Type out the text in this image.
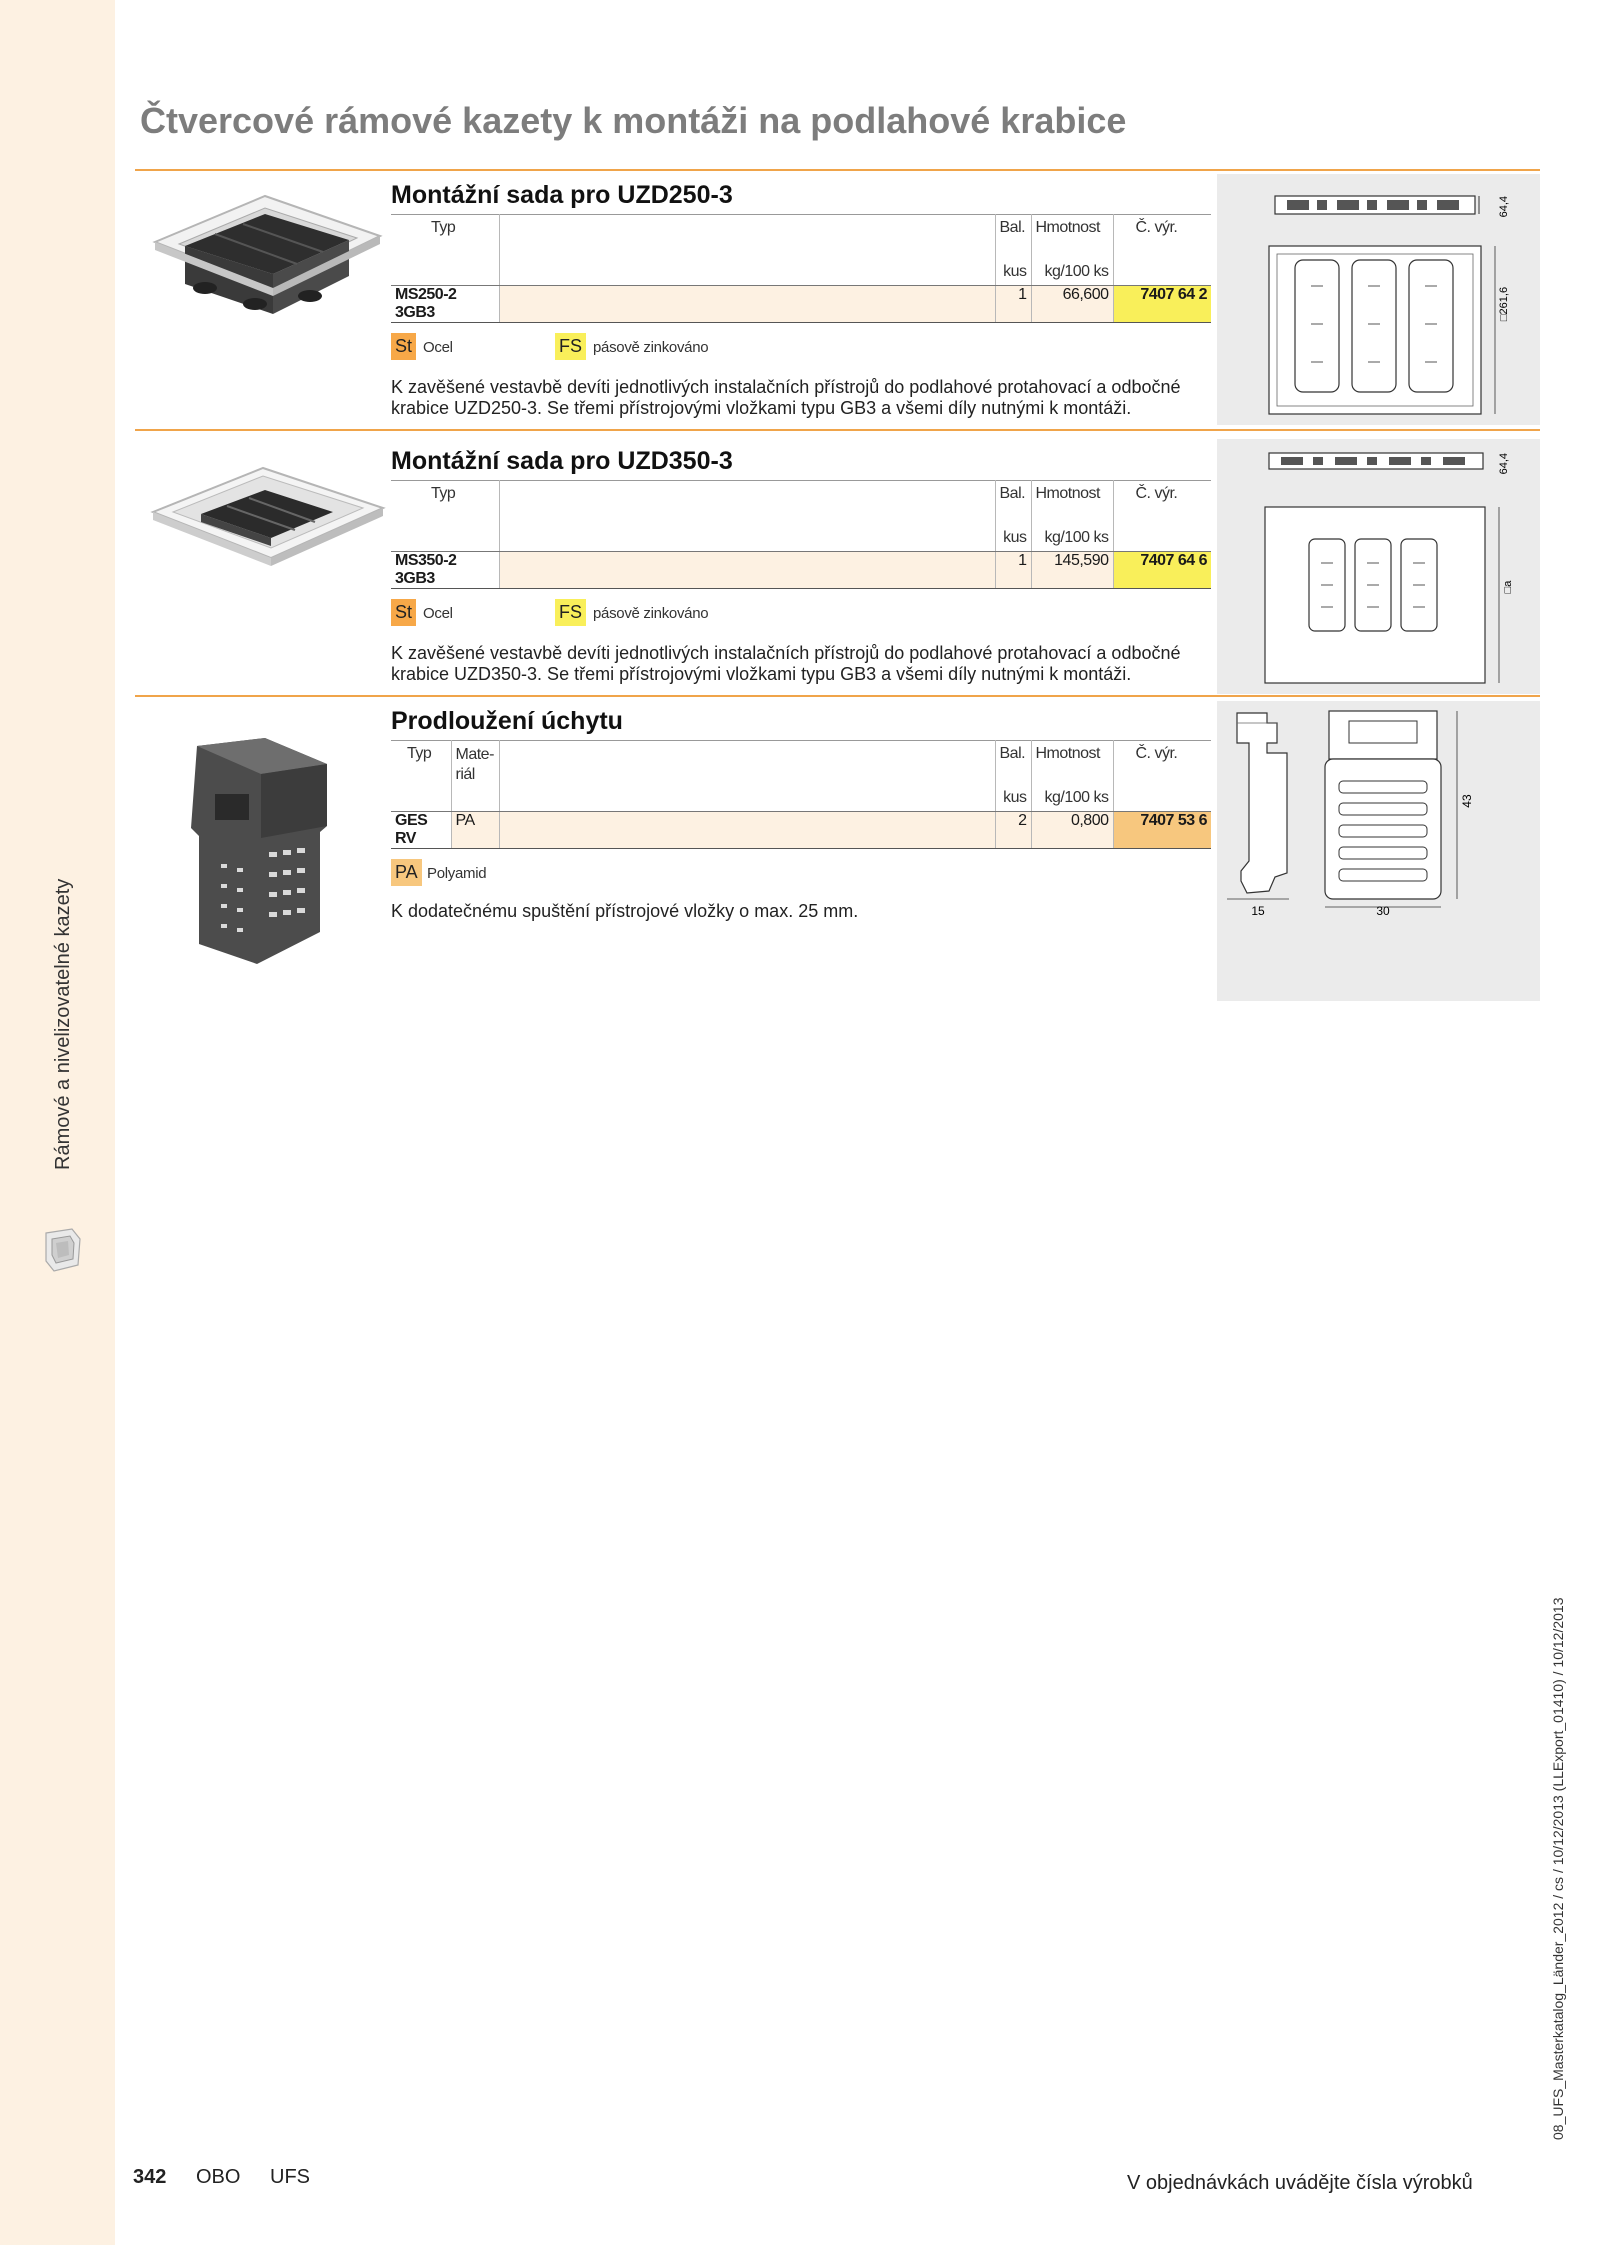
Rámové a nivelizovatelné kazety
Čtvercové rámové kazety k montáži na podlahové krabice
Montážní sada pro UZD250-3
Typ		Bal.	Hmotnost	Č. výr.

		kus	kg/100 ks	
MS250-2 3GB3		1	66,600	7407 64 2
St Ocel	FS pásově zinkováno
K zavěšené vestavbě devíti jednotlivých instalačních přístrojů do podlahové protahovací a odbočné krabice UZD250-3. Se třemi přístrojovými vložkami typu GB3 a všemi díly nutnými k montáži.
64,4
□261,6
Montážní sada pro UZD350-3
Typ		Bal.	Hmotnost	Č. výr.

		kus	kg/100 ks	
MS350-2 3GB3		1	145,590	7407 64 6
St Ocel	FS pásově zinkováno
K zavěšené vestavbě devíti jednotlivých instalačních přístrojů do podlahové protahovací a odbočné krabice UZD350-3. Se třemi přístrojovými vložkami typu GB3 a všemi díly nutnými k montáži.
64,4
□a
Prodloužení úchytu
Typ	Mate-riál		Bal.	Hmotnost	Č. výr.

			kus	kg/100 ks	
GES RV	PA		2	0,800	7407 53 6
PA Polyamid
K dodatečnému spuštění přístrojové vložky o max. 25 mm.	15	30
43
342 OBO UFS	V objednávkách uvádějte čísla výrobků
08_UFS_Masterkatalog_Länder_2012 / cs / 10/12/2013 (LLExport_01410) / 10/12/2013
